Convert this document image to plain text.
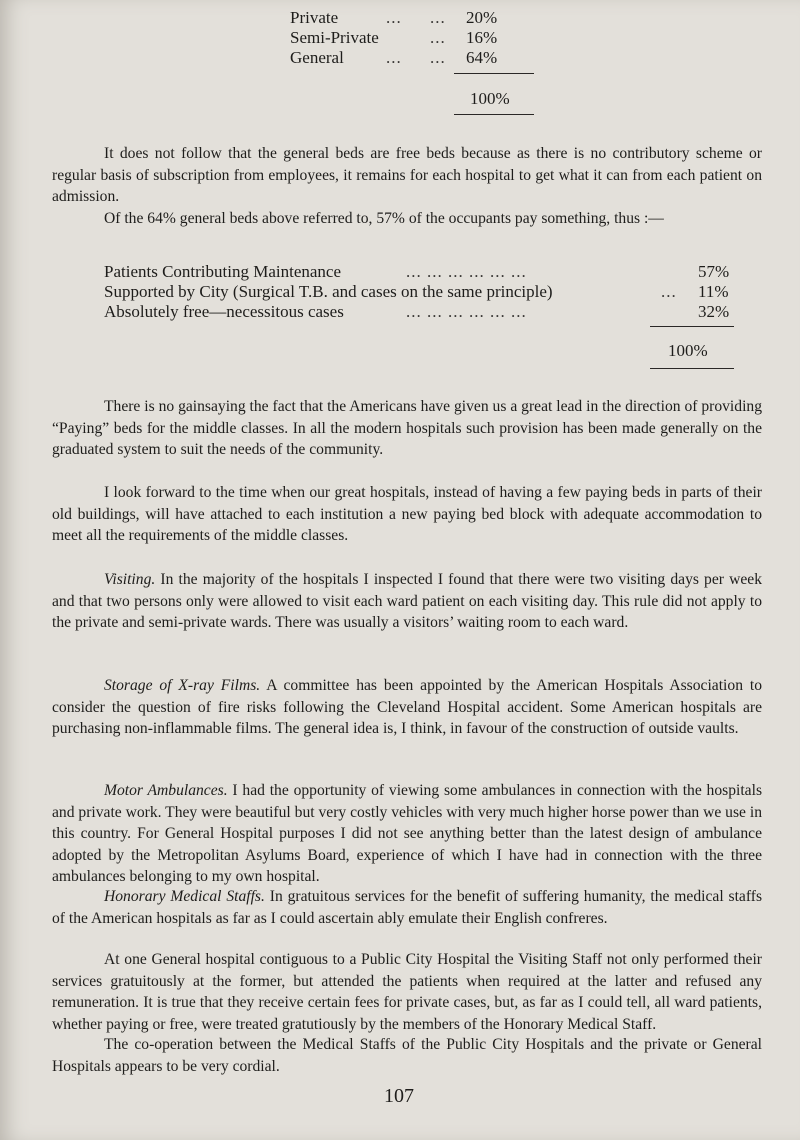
Private	... ... 20%
Semi-Private	... 16%
General ... ... 64%
100%

It does not follow that the general beds are free beds because as there is no contributory scheme or regular basis of subscription from employees, it remains for each hospital to get what it can from each patient on admission.

Of the 64% general beds above referred to, 57% of the occupants pay something, thus :—

Patients Contributing Maintenance	... ... ... ... ... ...	57%
Supported by City (Surgical T.B. and cases on the same principle)	... 11%
Absolutely free—necessitous cases	... ... ... ... ... ...	32%
100%

There is no gainsaying the fact that the Americans have given us a great lead in the direction of providing “Paying” beds for the middle classes. In all the modern hospitals such provision has been made generally on the graduated system to suit the needs of the community.

I look forward to the time when our great hospitals, instead of having a few paying beds in parts of their old buildings, will have attached to each institution a new paying bed block with adequate accommodation to meet all the requirements of the middle classes.

Visiting. In the majority of the hospitals I inspected I found that there were two visiting days per week and that two persons only were allowed to visit each ward patient on each visiting day. This rule did not apply to the private and semi-private wards. There was usually a visitors’ waiting room to each ward.

Storage of X-ray Films. A committee has been appointed by the American Hospitals Association to consider the question of fire risks following the Cleveland Hospital accident. Some American hospitals are purchasing non-inflammable films. The general idea is, I think, in favour of the construction of outside vaults.

Motor Ambulances. I had the opportunity of viewing some ambulances in connection with the hospitals and private work. They were beautiful but very costly vehicles with very much higher horse power than we use in this country. For General Hospital purposes I did not see anything better than the latest design of ambulance adopted by the Metropolitan Asylums Board, experience of which I have had in connection with the three ambulances belonging to my own hospital.

Honorary Medical Staffs. In gratuitous services for the benefit of suffering humanity, the medical staffs of the American hospitals as far as I could ascertain ably emulate their English confreres.

At one General hospital contiguous to a Public City Hospital the Visiting Staff not only performed their services gratuitously at the former, but attended the patients when required at the latter and refused any remuneration. It is true that they receive certain fees for private cases, but, as far as I could tell, all ward patients, whether paying or free, were treated gratutiously by the members of the Honorary Medical Staff.

The co-operation between the Medical Staffs of the Public City Hospitals and the private or General Hospitals appears to be very cordial.

107
